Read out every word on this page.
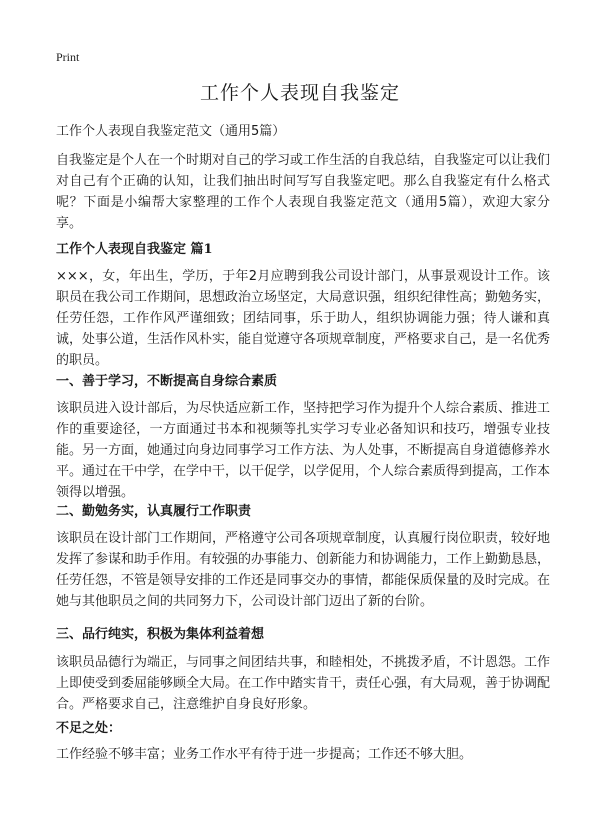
Print
工作个人表现自我鉴定

工作个人表现自我鉴定范文（通用5篇）

自我鉴定是个人在一个时期对自己的学习或工作生活的自我总结，自我鉴定可以让我们对自己有个正确的认知，让我们抽出时间写写自我鉴定吧。那么自我鉴定有什么格式呢？下面是小编帮大家整理的工作个人表现自我鉴定范文（通用5篇），欢迎大家分享。

工作个人表现自我鉴定 篇1

×××，女，年出生，学历，于年2月应聘到我公司设计部门，从事景观设计工作。该职员在我公司工作期间，思想政治立场坚定，大局意识强，组织纪律性高；勤勉务实，任劳任怨，工作作风严谨细致；团结同事，乐于助人，组织协调能力强；待人谦和真诚，处事公道，生活作风朴实，能自觉遵守各项规章制度，严格要求自己，是一名优秀的职员。

一、善于学习，不断提高自身综合素质

该职员进入设计部后，为尽快适应新工作，坚持把学习作为提升个人综合素质、推进工作的重要途径，一方面通过书本和视频等扎实学习专业必备知识和技巧，增强专业技能。另一方面，她通过向身边同事学习工作方法、为人处事，不断提高自身道德修养水平。通过在干中学，在学中干，以干促学，以学促用，个人综合素质得到提高，工作本领得以增强。

二、勤勉务实，认真履行工作职责

该职员在设计部门工作期间，严格遵守公司各项规章制度，认真履行岗位职责，较好地发挥了参谋和助手作用。有较强的办事能力、创新能力和协调能力，工作上勤勤恳恳，任劳任怨，不管是领导安排的工作还是同事交办的事情，都能保质保量的及时完成。在她与其他职员之间的共同努力下，公司设计部门迈出了新的台阶。

三、品行纯实，积极为集体利益着想

该职员品德行为端正，与同事之间团结共事，和睦相处，不挑拨矛盾，不计恩怨。工作上即使受到委屈能够顾全大局。在工作中踏实肯干，责任心强，有大局观，善于协调配合。严格要求自己，注意维护自身良好形象。

不足之处：

工作经验不够丰富；业务工作水平有待于进一步提高；工作还不够大胆。
